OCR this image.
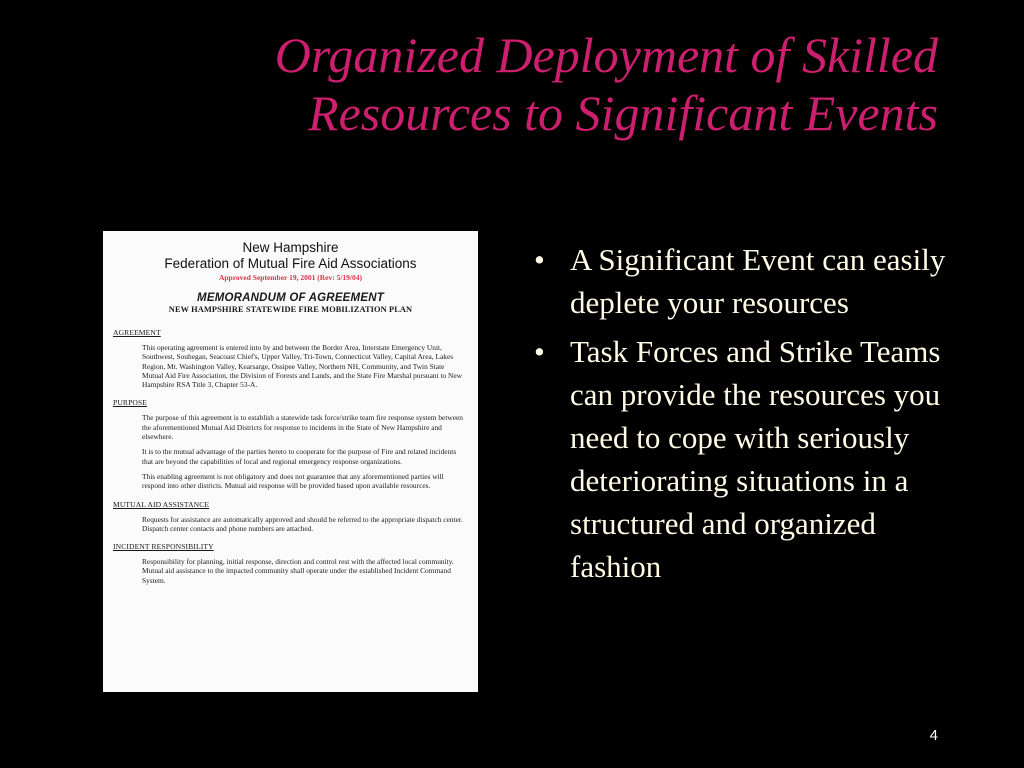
Organized Deployment of Skilled
Resources to Significant Events
New Hampshire
Federation of Mutual Fire Aid Associations
Approved September 19, 2001 (Rev: 5/19/04)
MEMORANDUM OF AGREEMENT
NEW HAMPSHIRE STATEWIDE FIRE MOBILIZATION PLAN
AGREEMENT
This operating agreement is entered into by and between the Border Area, Interstate Emergency Unit, Southwest, Souhegan, Seacoast Chief's, Upper Valley, Tri-Town, Connecticut Valley, Capital Area, Lakes Region, Mt. Washington Valley, Kearsarge, Ossipee Valley, Northern NH, Community, and Twin State Mutual Aid Fire Association, the Division of Forests and Lands, and the State Fire Marshal pursuant to New Hampshire RSA Title 3, Chapter 53-A.
PURPOSE
The purpose of this agreement is to establish a statewide task force/strike team fire response system between the aforementioned Mutual Aid Districts for response to incidents in the State of New Hampshire and elsewhere.
It is to the mutual advantage of the parties hereto to cooperate for the purpose of Fire and related incidents that are beyond the capabilities of local and regional emergency response organizations.
This enabling agreement is not obligatory and does not guarantee that any aforementioned parties will respond into other districts. Mutual aid response will be provided based upon available resources.
MUTUAL AID ASSISTANCE
Requests for assistance are automatically approved and should be referred to the appropriate dispatch center. Dispatch center contacts and phone numbers are attached.
INCIDENT RESPONSIBILITY
Responsibility for planning, initial response, direction and control rest with the affected local community. Mutual aid assistance to the impacted community shall operate under the established Incident Command System.
• A Significant Event can easily deplete your resources
• Task Forces and Strike Teams can provide the resources you need to cope with seriously deteriorating situations in a structured and organized fashion
4
